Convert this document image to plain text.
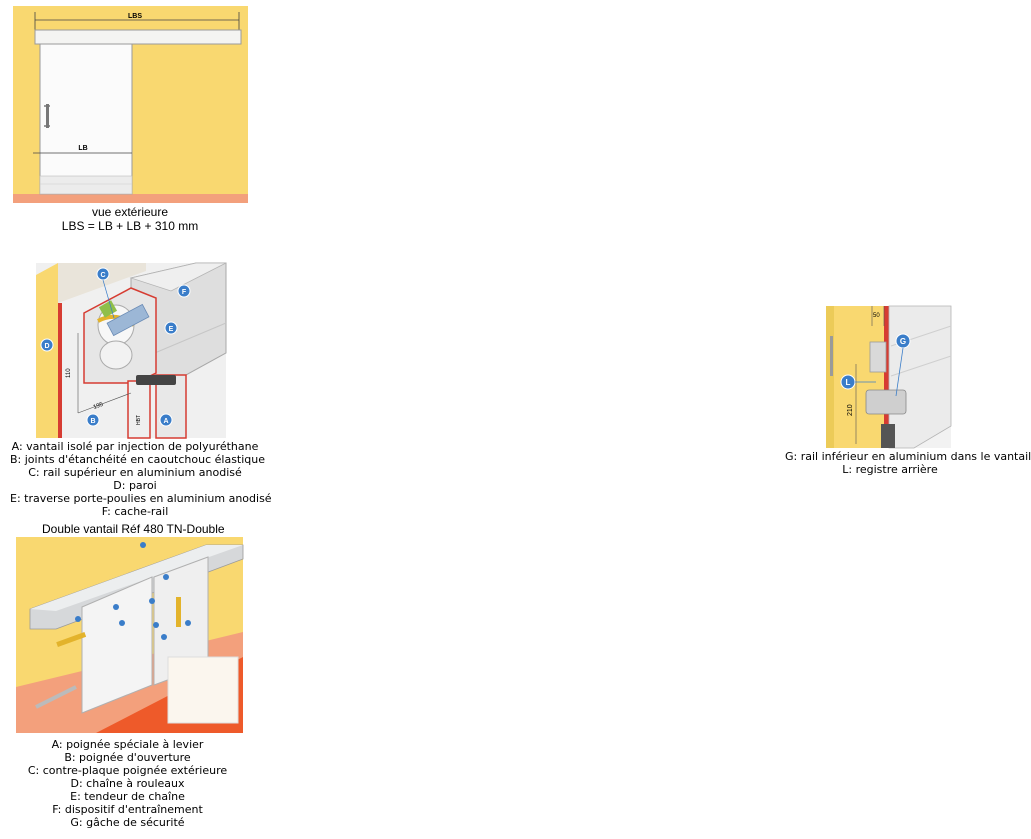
LBS
LB
vue extérieure
LBS = LB + LB + 310 mm
110
195
HBT
C
F
D
E
B	A
A: vantail isolé par injection de polyuréthane
B: joints d'étanchéité en caoutchouc élastique
C: rail supérieur en aluminium anodisé
D: paroi
E: traverse porte-poulies en aluminium anodisé
F: cache-rail
Double vantail Réf 480 TN-Double
A: poignée spéciale à levier
B: poignée d'ouverture
C: contre-plaque poignée extérieure
D: chaîne à rouleaux
E: tendeur de chaîne
F: dispositif d'entraînement
G: gâche de sécurité
50
210
G
L
G: rail inférieur en aluminium dans le vantail
L: registre arrière
